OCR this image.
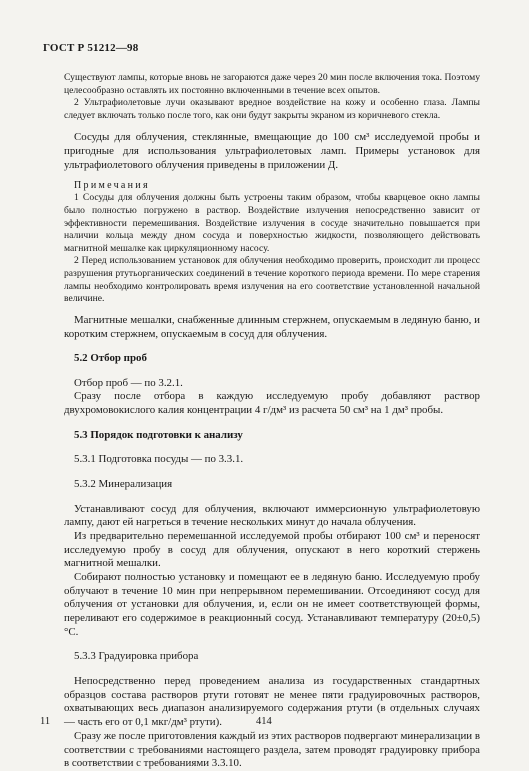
ГОСТ Р 51212—98

Существуют лампы, которые вновь не загораются даже через 20 мин после включения тока. Поэтому целесообразно оставлять их постоянно включенными в течение всех опытов.

2 Ультрафиолетовые лучи оказывают вредное воздействие на кожу и особенно глаза. Лампы следует включать только после того, как они будут закрыты экраном из коричневого стекла.

Сосуды для облучения, стеклянные, вмещающие до 100 см³ исследуемой пробы и пригодные для использования ультрафиолетовых ламп. Примеры установок для ультрафиолетового облучения приведены в приложении Д.

Примечания

1 Сосуды для облучения должны быть устроены таким образом, чтобы кварцевое окно лампы было полностью погружено в раствор. Воздействие излучения непосредственно зависит от эффективности перемешивания. Воздействие излучения в сосуде значительно повышается при наличии кольца между дном сосуда и поверхностью жидкости, позволяющего действовать магнитной мешалке как циркуляционному насосу.

2 Перед использованием установок для облучения необходимо проверить, происходит ли процесс разрушения ртутьорганических соединений в течение короткого периода времени. По мере старения лампы необходимо контролировать время излучения на его соответствие установленной начальной величине.

Магнитные мешалки, снабженные длинным стержнем, опускаемым в ледяную баню, и коротким стержнем, опускаемым в сосуд для облучения.

5.2 Отбор проб

Отбор проб — по 3.2.1.

Сразу после отбора в каждую исследуемую пробу добавляют раствор двухромовокислого калия концентрации 4 г/дм³ из расчета 50 см³ на 1 дм³ пробы.

5.3 Порядок подготовки к анализу

5.3.1 Подготовка посуды — по 3.3.1.

5.3.2 Минерализация

Устанавливают сосуд для облучения, включают иммерсионную ультрафиолетовую лампу, дают ей нагреться в течение нескольких минут до начала облучения.

Из предварительно перемешанной исследуемой пробы отбирают 100 см³ и переносят исследуемую пробу в сосуд для облучения, опускают в него короткий стержень магнитной мешалки.

Собирают полностью установку и помещают ее в ледяную баню. Исследуемую пробу облучают в течение 10 мин при непрерывном перемешивании. Отсоединяют сосуд для облучения от установки для облучения, и, если он не имеет соответствующей формы, переливают его содержимое в реакционный сосуд. Устанавливают температуру (20±0,5) °С.

5.3.3 Градуировка прибора

Непосредственно перед проведением анализа из государственных стандартных образцов состава растворов ртути готовят не менее пяти градуировочных растворов, охватывающих весь диапазон анализируемого содержания ртути (в отдельных случаях — часть его от 0,1 мкг/дм³ ртути).

Сразу же после приготовления каждый из этих растворов подвергают минерализации в соответствии с требованиями настоящего раздела, затем проводят градуировку прибора в соответствии с требованиями 3.3.10.

11	414
